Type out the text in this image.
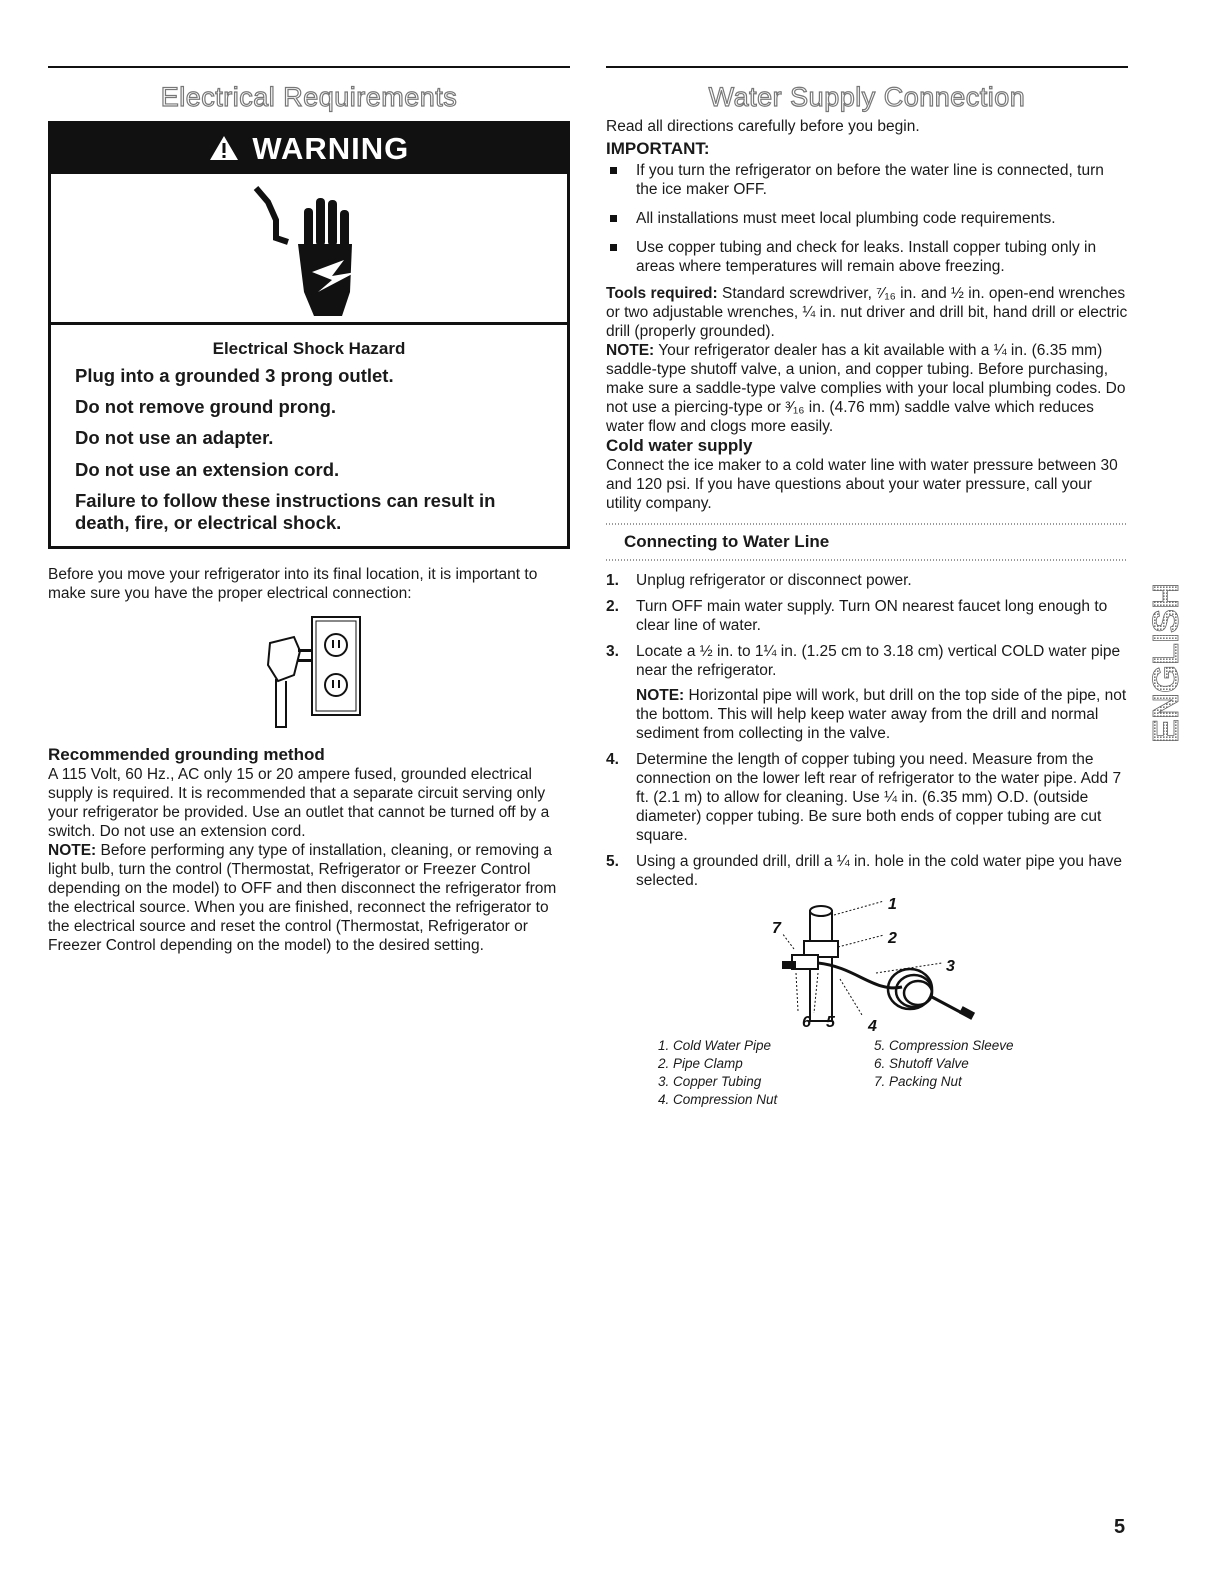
Electrical Requirements
WARNING
Electrical Shock Hazard
Plug into a grounded 3 prong outlet.
Do not remove ground prong.
Do not use an adapter.
Do not use an extension cord.
Failure to follow these instructions can result in death, fire, or electrical shock.

Before you move your refrigerator into its final location, it is important to make sure you have the proper electrical connection:

Recommended grounding method

A 115 Volt, 60 Hz., AC only 15 or 20 ampere fused, grounded electrical supply is required. It is recommended that a separate circuit serving only your refrigerator be provided. Use an outlet that cannot be turned off by a switch. Do not use an extension cord.

NOTE: Before performing any type of installation, cleaning, or removing a light bulb, turn the control (Thermostat, Refrigerator or Freezer Control depending on the model) to OFF and then disconnect the refrigerator from the electrical source. When you are finished, reconnect the refrigerator to the electrical source and reset the control (Thermostat, Refrigerator or Freezer Control depending on the model) to the desired setting.

Water Supply Connection

Read all directions carefully before you begin.

IMPORTANT:
If you turn the refrigerator on before the water line is connected, turn the ice maker OFF.
All installations must meet local plumbing code requirements.
Use copper tubing and check for leaks. Install copper tubing only in areas where temperatures will remain above freezing.

Tools required: Standard screwdriver, ⁷⁄₁₆ in. and ½ in. open-end wrenches or two adjustable wrenches, ¼ in. nut driver and drill bit, hand drill or electric drill (properly grounded).

NOTE: Your refrigerator dealer has a kit available with a ¼ in. (6.35 mm) saddle-type shutoff valve, a union, and copper tubing. Before purchasing, make sure a saddle-type valve complies with your local plumbing codes. Do not use a piercing-type or ³⁄₁₆ in. (4.76 mm) saddle valve which reduces water flow and clogs more easily.

Cold water supply

Connect the ice maker to a cold water line with water pressure between 30 and 120 psi. If you have questions about your water pressure, call your utility company.

Connecting to Water Line
1. Unplug refrigerator or disconnect power.
2. Turn OFF main water supply. Turn ON nearest faucet long enough to clear line of water.
3. Locate a ½ in. to 1¼ in. (1.25 cm to 3.18 cm) vertical COLD water pipe near the refrigerator.
NOTE: Horizontal pipe will work, but drill on the top side of the pipe, not the bottom. This will help keep water away from the drill and normal sediment from collecting in the valve.
4. Determine the length of copper tubing you need. Measure from the connection on the lower left rear of refrigerator to the water pipe. Add 7 ft. (2.1 m) to allow for cleaning. Use ¼ in. (6.35 mm) O.D. (outside diameter) copper tubing. Be sure both ends of copper tubing are cut square.
5. Using a grounded drill, drill a ¼ in. hole in the cold water pipe you have selected.
1
2
3
4
5
6
7
1. Cold Water Pipe	5. Compression Sleeve
2. Pipe Clamp	6. Shutoff Valve
3. Copper Tubing	7. Packing Nut
4. Compression Nut
ENGLISH
5
